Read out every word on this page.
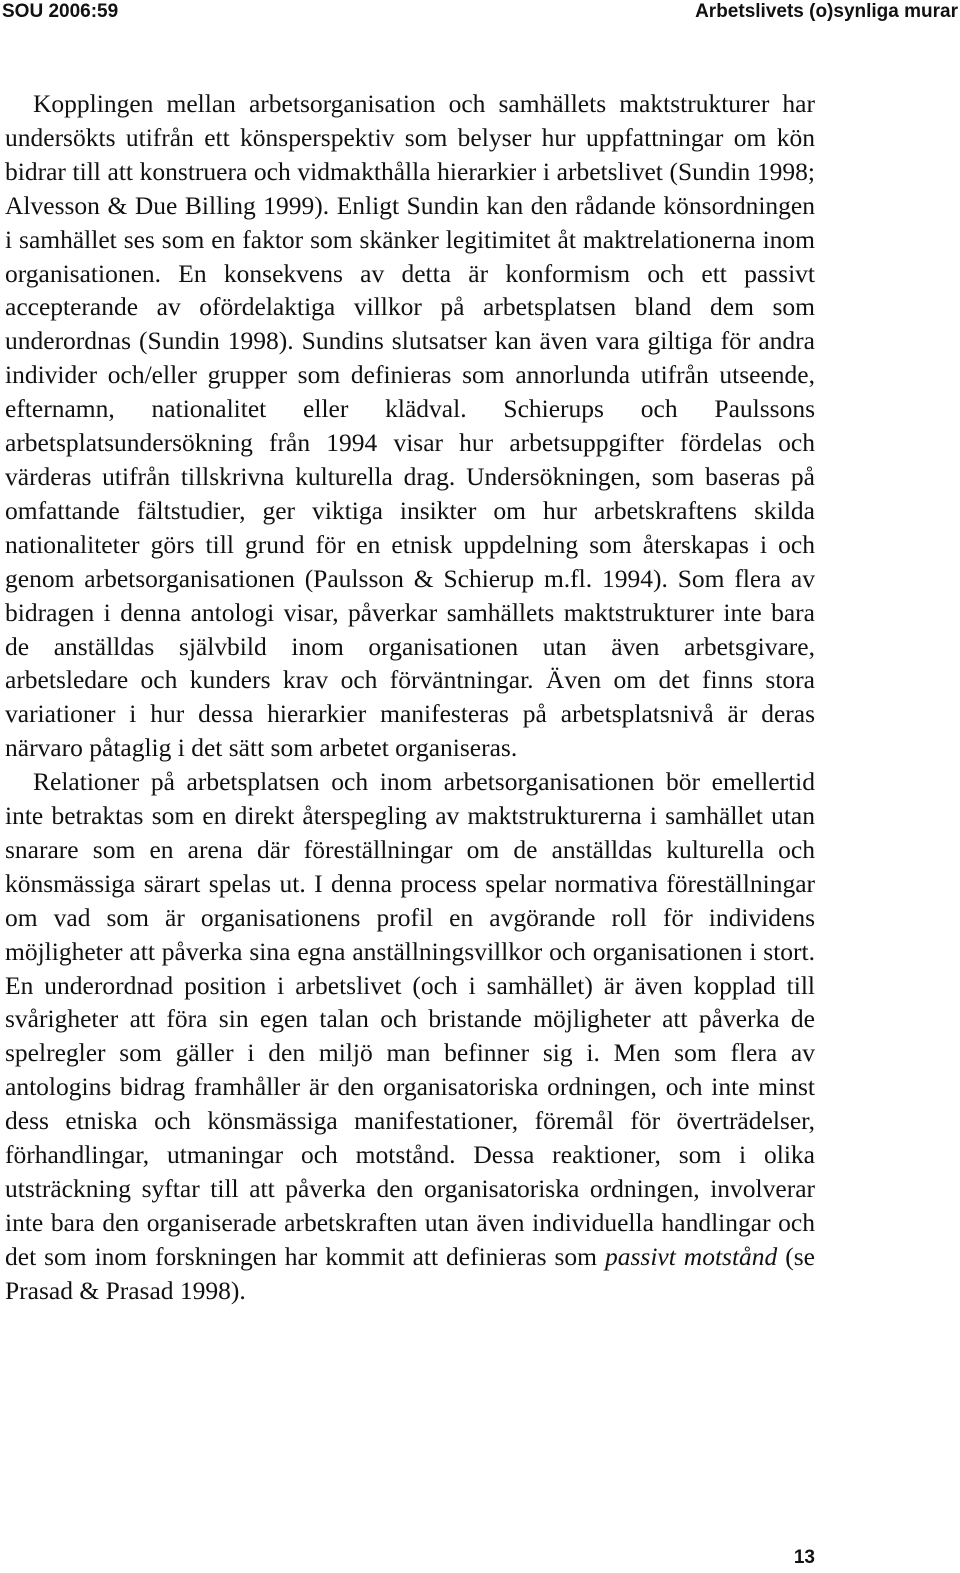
SOU 2006:59	Arbetslivets (o)synliga murar

Kopplingen mellan arbetsorganisation och samhällets maktstrukturer har undersökts utifrån ett könsperspektiv som belyser hur uppfattningar om kön bidrar till att konstruera och vidmakthålla hierarkier i arbetslivet (Sundin 1998; Alvesson & Due Billing 1999). Enligt Sundin kan den rådande könsordningen i samhället ses som en faktor som skänker legitimitet åt maktrelationerna inom organisationen. En konsekvens av detta är konformism och ett passivt accepterande av ofördelaktiga villkor på arbetsplatsen bland dem som underordnas (Sundin 1998). Sundins slutsatser kan även vara giltiga för andra individer och/eller grupper som definieras som annorlunda utifrån utseende, efternamn, nationalitet eller klädval. Schierups och Paulssons arbetsplatsundersökning från 1994 visar hur arbetsuppgifter fördelas och värderas utifrån tillskrivna kulturella drag. Undersökningen, som baseras på omfattande fältstudier, ger viktiga insikter om hur arbetskraftens skilda nationaliteter görs till grund för en etnisk uppdelning som återskapas i och genom arbetsorganisationen (Paulsson & Schierup m.fl. 1994). Som flera av bidragen i denna antologi visar, påverkar samhällets maktstrukturer inte bara de anställdas självbild inom organisationen utan även arbetsgivare, arbetsledare och kunders krav och förväntningar. Även om det finns stora variationer i hur dessa hierarkier manifesteras på arbetsplatsnivå är deras närvaro påtaglig i det sätt som arbetet organiseras.

Relationer på arbetsplatsen och inom arbetsorganisationen bör emellertid inte betraktas som en direkt återspegling av maktstrukturerna i samhället utan snarare som en arena där föreställningar om de anställdas kulturella och könsmässiga särart spelas ut. I denna process spelar normativa föreställningar om vad som är organisationens profil en avgörande roll för individens möjligheter att påverka sina egna anställningsvillkor och organisationen i stort. En underordnad position i arbetslivet (och i samhället) är även kopplad till svårigheter att föra sin egen talan och bristande möjligheter att påverka de spelregler som gäller i den miljö man befinner sig i. Men som flera av antologins bidrag framhåller är den organisatoriska ordningen, och inte minst dess etniska och könsmässiga manifestationer, föremål för överträdelser, förhandlingar, utmaningar och motstånd. Dessa reaktioner, som i olika utsträckning syftar till att påverka den organisatoriska ordningen, involverar inte bara den organiserade arbetskraften utan även individuella handlingar och det som inom forskningen har kommit att definieras som passivt motstånd (se Prasad & Prasad 1998).

13
